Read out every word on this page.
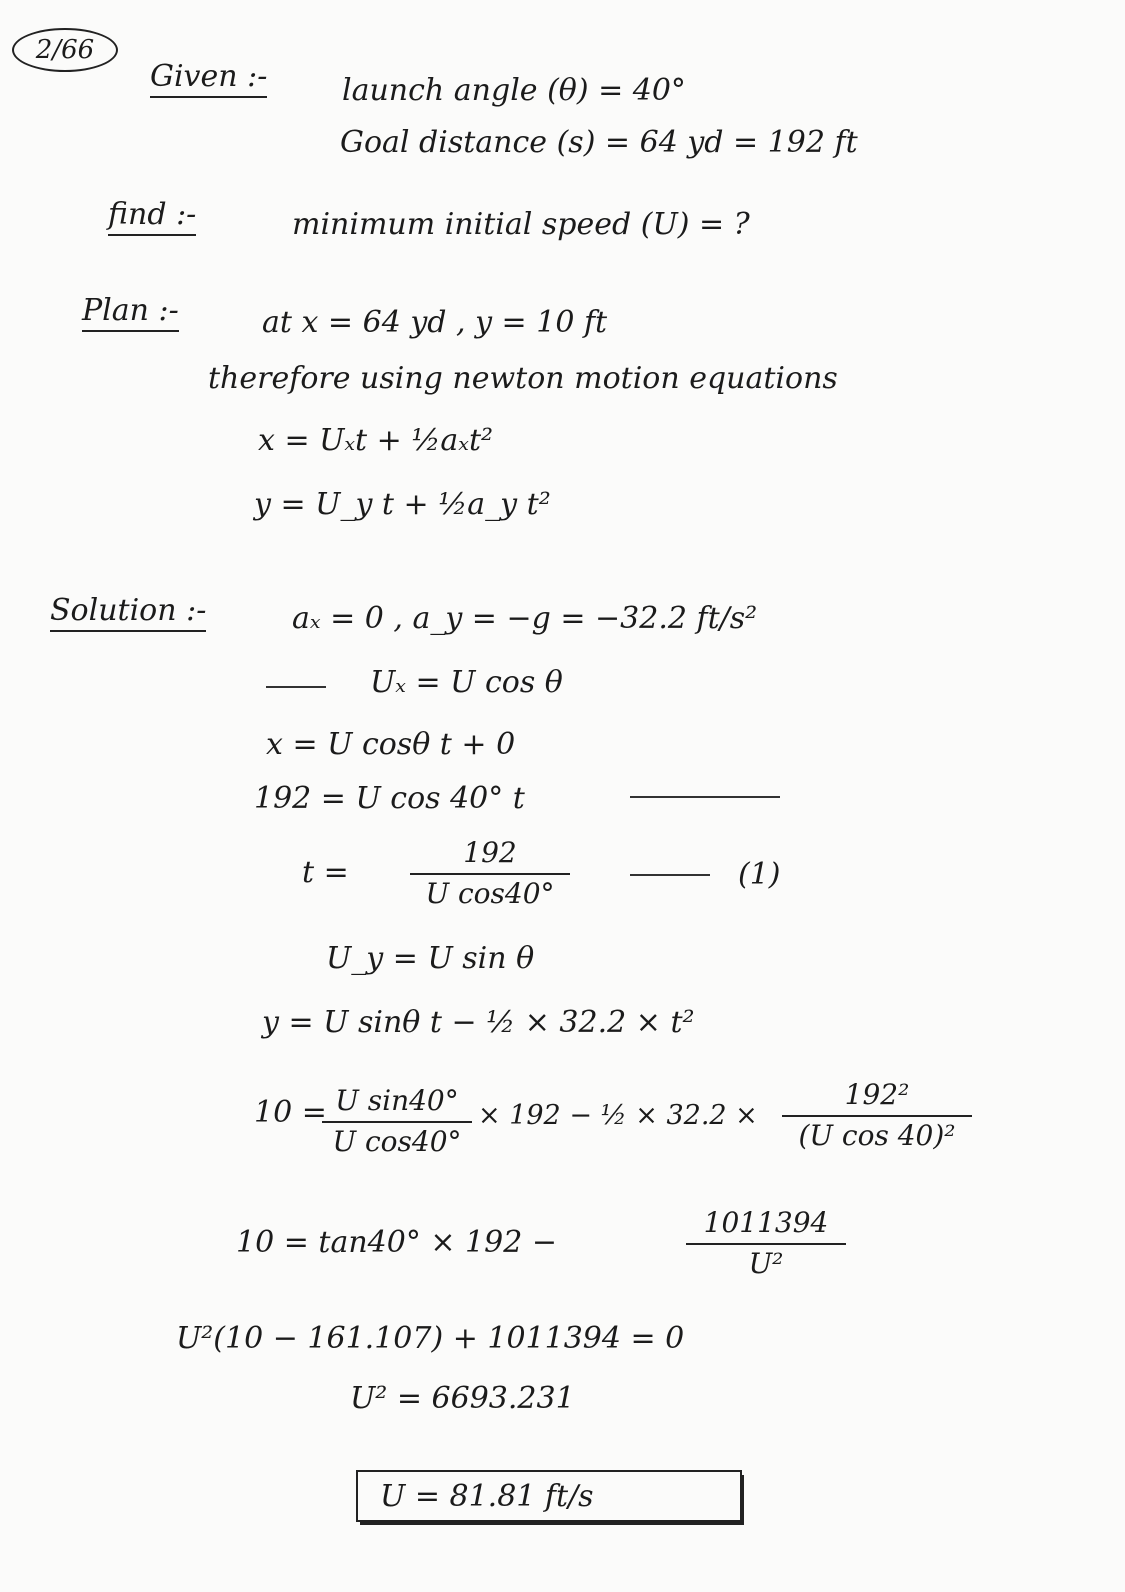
2/66
Given :- launch angle (θ) = 40°
Goal distance (s) = 64 yd = 192 ft
find :-	minimum initial speed (U) = ?
Plan :-	at x = 64 yd , y = 10 ft
therefore using newton motion equations
x = Uₓt + ½aₓt²
y = U_y t + ½a_y t²
Solution :-	aₓ = 0 , a_y = −g = −32.2 ft/s²
Uₓ = U cos θ
x = U cosθ t + 0
192 = U cos 40° t
t =
192
U cos40°
(1)
U_y = U sin θ
y = U sinθ t − ½ × 32.2 × t²
10 = U sin40°
U cos40°
× 192 − ½ × 32.2 ×
192²
(U cos 40)²
10 = tan40° × 192 −
1011394
U²
U²(10 − 161.107) + 1011394 = 0
U² = 6693.231
U = 81.81 ft/s
